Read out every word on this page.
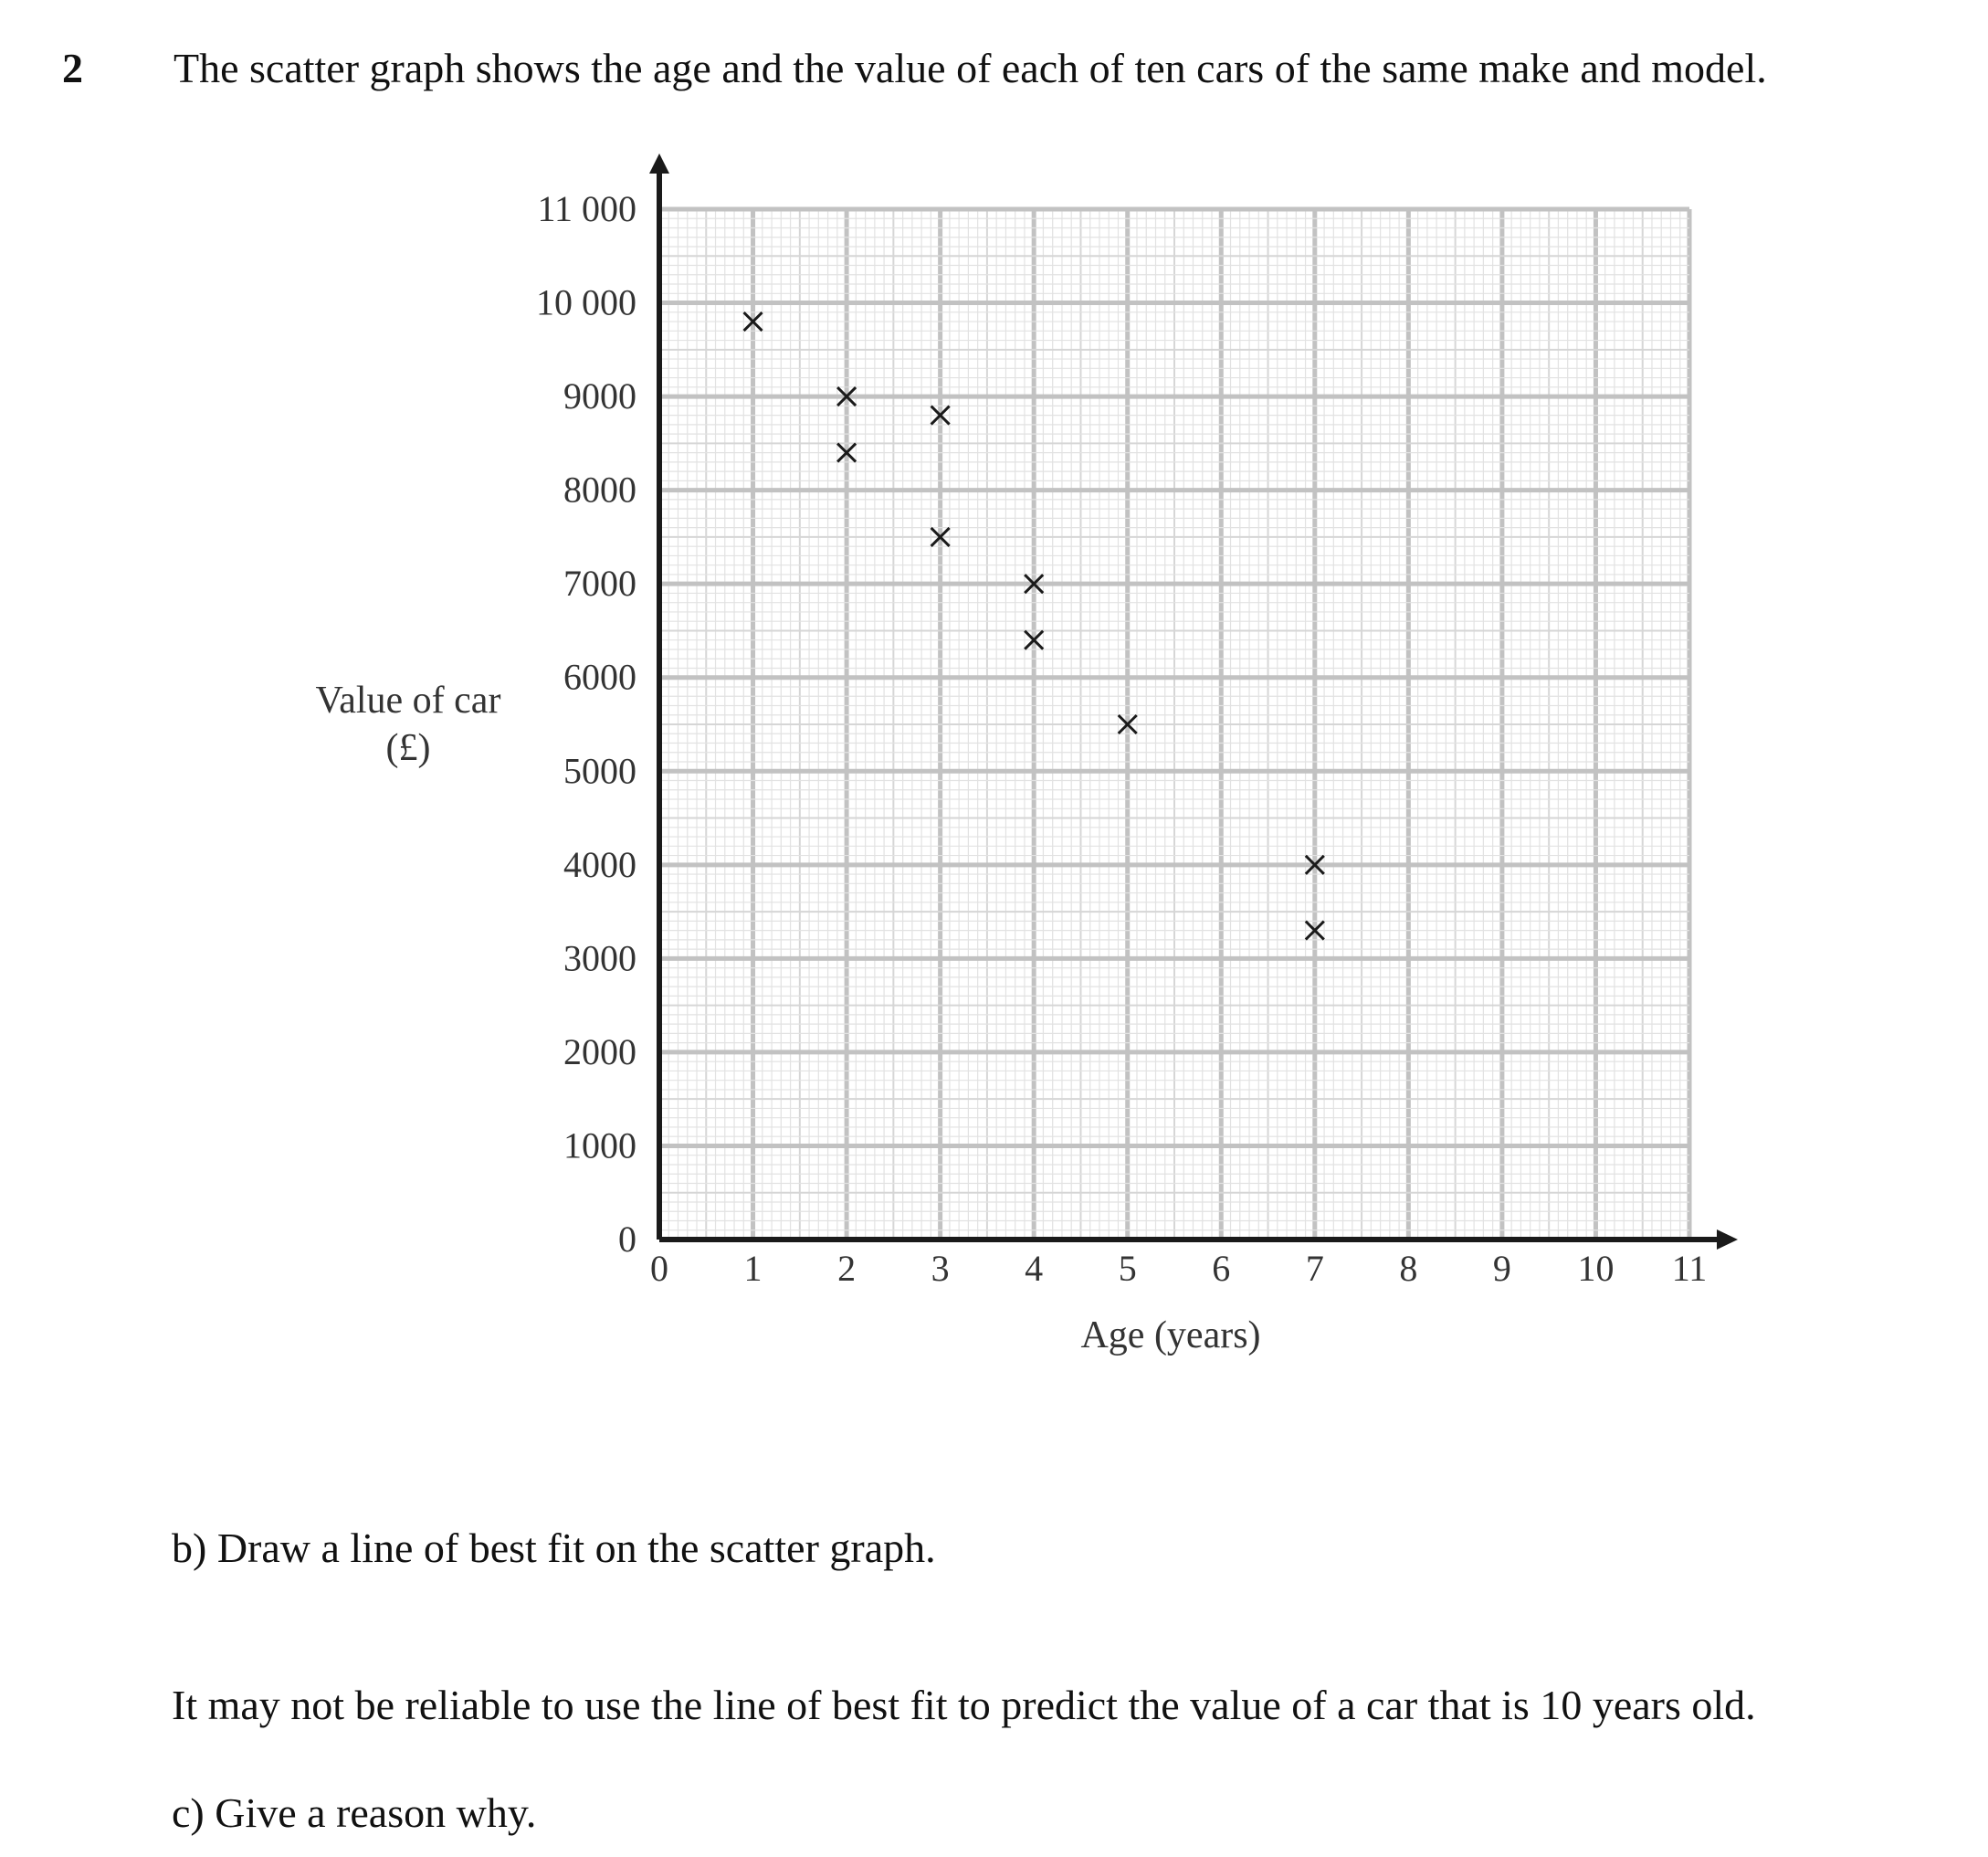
2 The scatter graph shows the age and the value of each of ten cars of the same make and model.
0 1 2 3 4 5 6 7 8 9 10 11
0
1000
2000
3000
4000
5000
6000
7000
8000
9000
10 000
11 000
Age (years)
Value of car
(£)
b) Draw a line of best fit on the scatter graph.
It may not be reliable to use the line of best fit to predict the value of a car that is 10 years old.
c) Give a reason why.
